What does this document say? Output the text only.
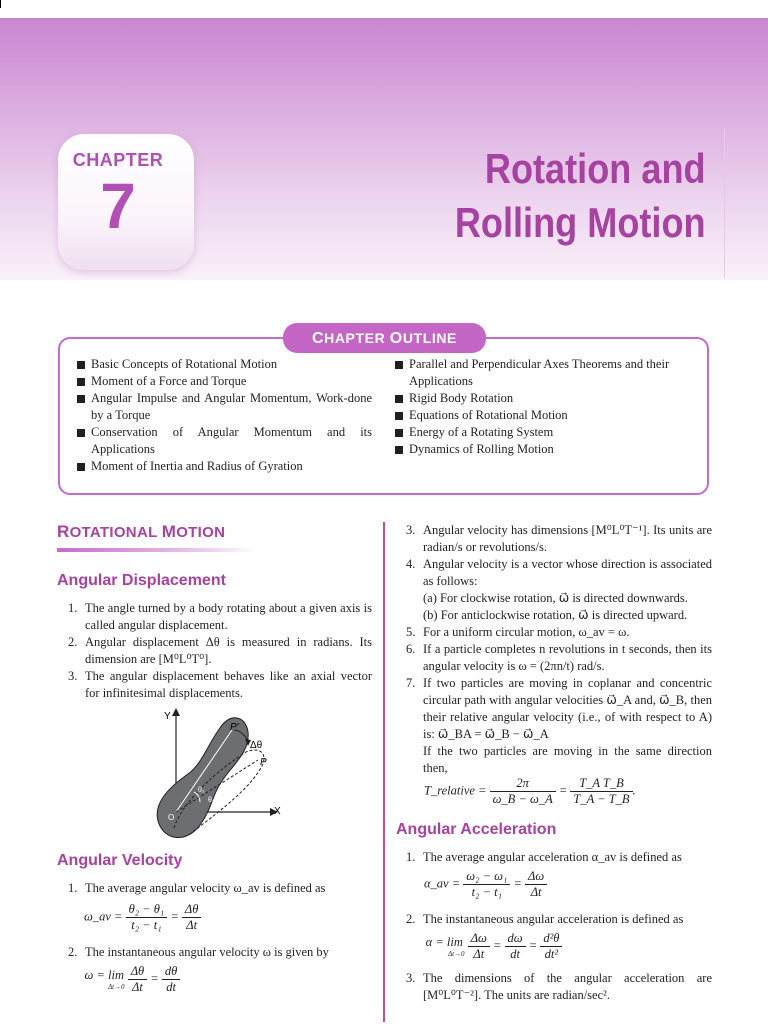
CHAPTER
7
Rotation and
Rolling Motion
CHAPTER OUTLINE
Basic Concepts of Rotational Motion
Moment of a Force and Torque
Angular Impulse and Angular Momentum, Work-done by a Torque
Conservation of Angular Momentum and its Applications
Moment of Inertia and Radius of Gyration
Parallel and Perpendicular Axes Theorems and their Applications
Rigid Body Rotation
Equations of Rotational Motion
Energy of a Rotating System
Dynamics of Rolling Motion
ROTATIONAL MOTION
Angular Displacement
1. The angle turned by a body rotating about a given axis is called angular displacement.
2. Angular displacement Δθ is measured in radians. Its dimension are [M⁰L⁰T⁰].
3. The angular displacement behaves like an axial vector for infinitesimal displacements.
Y
X
O
P′
P
Δθ
θ₂
θ₁
Angular Velocity
1. The average angular velocity ω_av is defined as
ω_av = $\frac{\text{θ₂ − θ₁}}{\text{t₂ − t₁}} = \frac{\Delta\theta}{\Delta t}$
2. The instantaneous angular velocity ω is given by
ω = lim
Δt→0
$\frac{\Delta\theta}{\Delta t} = \frac{d\theta}{dt}$
3. Angular velocity has dimensions [M⁰L⁰T⁻¹]. Its units are radian/s or revolutions/s.
4. Angular velocity is a vector whose direction is associated as follows:
(a) For clockwise rotation, ω⃗ is directed downwards.
(b) For anticlockwise rotation, ω⃗ is directed upward.
5. For a uniform circular motion, ω_av = ω.
6. If a particle completes n revolutions in t seconds, then its angular velocity is ω = (2πn/t) rad/s.
7. If two particles are moving in coplanar and concentric circular path with angular velocities ω⃗_A and, ω⃗_B, then their relative angular velocity (i.e., of with respect to A) is: ω⃗_BA = ω⃗_B − ω⃗_A
If the two particles are moving in the same direction then,
T_relative = $\frac{2\pi}{\omega\_B - \omega\_A} = \frac{\text{T\_A T\_B}}{T\_A - T\_B}$ .
Angular Acceleration
1. The average angular acceleration α_av is defined as
α_av = $\frac{\text{ω₂ − ω₁}}{\text{t₂ − t₁}} = \frac{\Delta\omega}{\Delta t}$
2. The instantaneous angular acceleration is defined as
α = lim
Δt→0
$\frac{\Delta\omega}{\Delta t} = \frac{d\omega}{dt} = \frac{\text{d²θ}}{\text{dt²}}$
3. The dimensions of the angular acceleration are [M⁰L⁰T⁻²]. The units are radian/sec².
